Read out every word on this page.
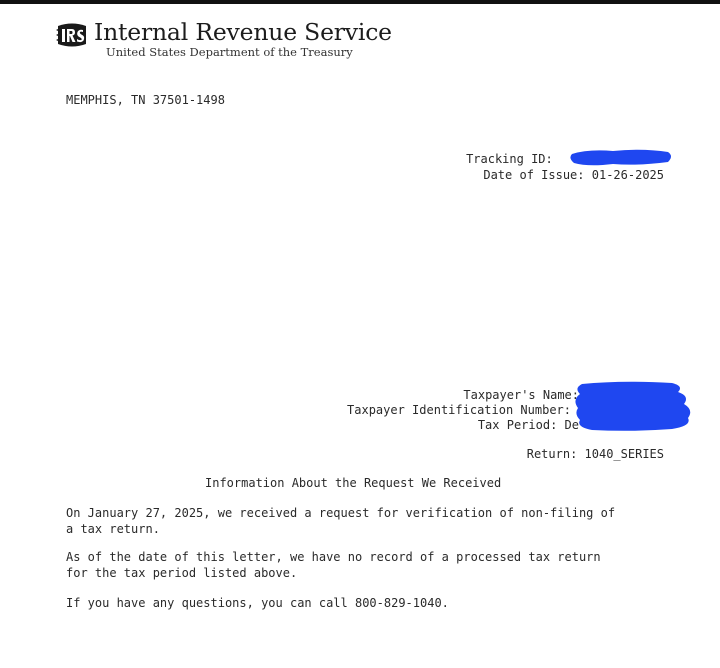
Internal Revenue Service
United States Department of the Treasury
MEMPHIS, TN 37501-1498
Tracking ID:
Date of Issue: 01-26-2025
Taxpayer's Name:
Taxpayer Identification Number:
Tax Period: De
Return: 1040_SERIES
Information About the Request We Received
On January 27, 2025, we received a request for verification of non-filing of
a tax return.
As of the date of this letter, we have no record of a processed tax return
for the tax period listed above.
If you have any questions, you can call 800-829-1040.
